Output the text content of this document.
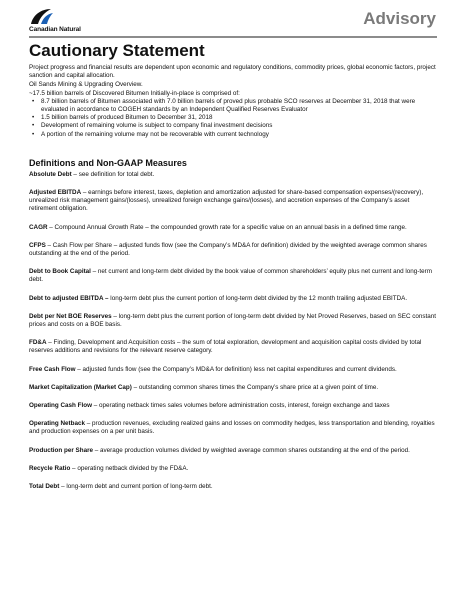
Canadian Natural
Advisory
Cautionary Statement

Project progress and financial results are dependent upon economic and regulatory conditions, commodity prices, global economic factors, project sanction and capital allocation.

Oil Sands Mining & Upgrading Overview.

~17.5 billion barrels of Discovered Bitumen Initially-in-place is comprised of:

• 8.7 billion barrels of Bitumen associated with 7.0 billion barrels of proved plus probable SCO reserves at December 31, 2018 that were evaluated in accordance to COGEH standards by an Independent Qualified Reserves Evaluator
• 1.5 billion barrels of produced Bitumen to December 31, 2018
• Development of remaining volume is subject to company final investment decisions
• A portion of the remaining volume may not be recoverable with current technology
Definitions and Non-GAAP Measures

Absolute Debt – see definition for total debt.

Adjusted EBITDA – earnings before interest, taxes, depletion and amortization adjusted for share-based compensation expenses/(recovery), unrealized risk management gains/(losses), unrealized foreign exchange gains/(losses), and accretion expenses of the Company’s asset retirement obligation.

CAGR – Compound Annual Growth Rate – the compounded growth rate for a specific value on an annual basis in a defined time range.

CFPS – Cash Flow per Share – adjusted funds flow (see the Company’s MD&A for definition) divided by the weighted average common shares outstanding at the end of the period.

Debt to Book Capital – net current and long-term debt divided by the book value of common shareholders’ equity plus net current and long-term debt.

Debt to adjusted EBITDA – long-term debt plus the current portion of long-term debt divided by the 12 month trailing adjusted EBITDA.

Debt per Net BOE Reserves – long-term debt plus the current portion of long-term debt divided by Net Proved Reserves, based on SEC constant prices and costs on a BOE basis.

FD&A – Finding, Development and Acquisition costs – the sum of total exploration, development and acquisition capital costs divided by total reserves additions and revisions for the relevant reserve category.

Free Cash Flow – adjusted funds flow (see the Company’s MD&A for definition) less net capital expenditures and current dividends.

Market Capitalization (Market Cap) – outstanding common shares times the Company’s share price at a given point of time.

Operating Cash Flow – operating netback times sales volumes before administration costs, interest, foreign exchange and taxes

Operating Netback – production revenues, excluding realized gains and losses on commodity hedges, less transportation and blending, royalties and production expenses on a per unit basis.

Production per Share – average production volumes divided by weighted average common shares outstanding at the end of the period.

Recycle Ratio – operating netback divided by the FD&A.

Total Debt – long-term debt and current portion of long-term debt.
